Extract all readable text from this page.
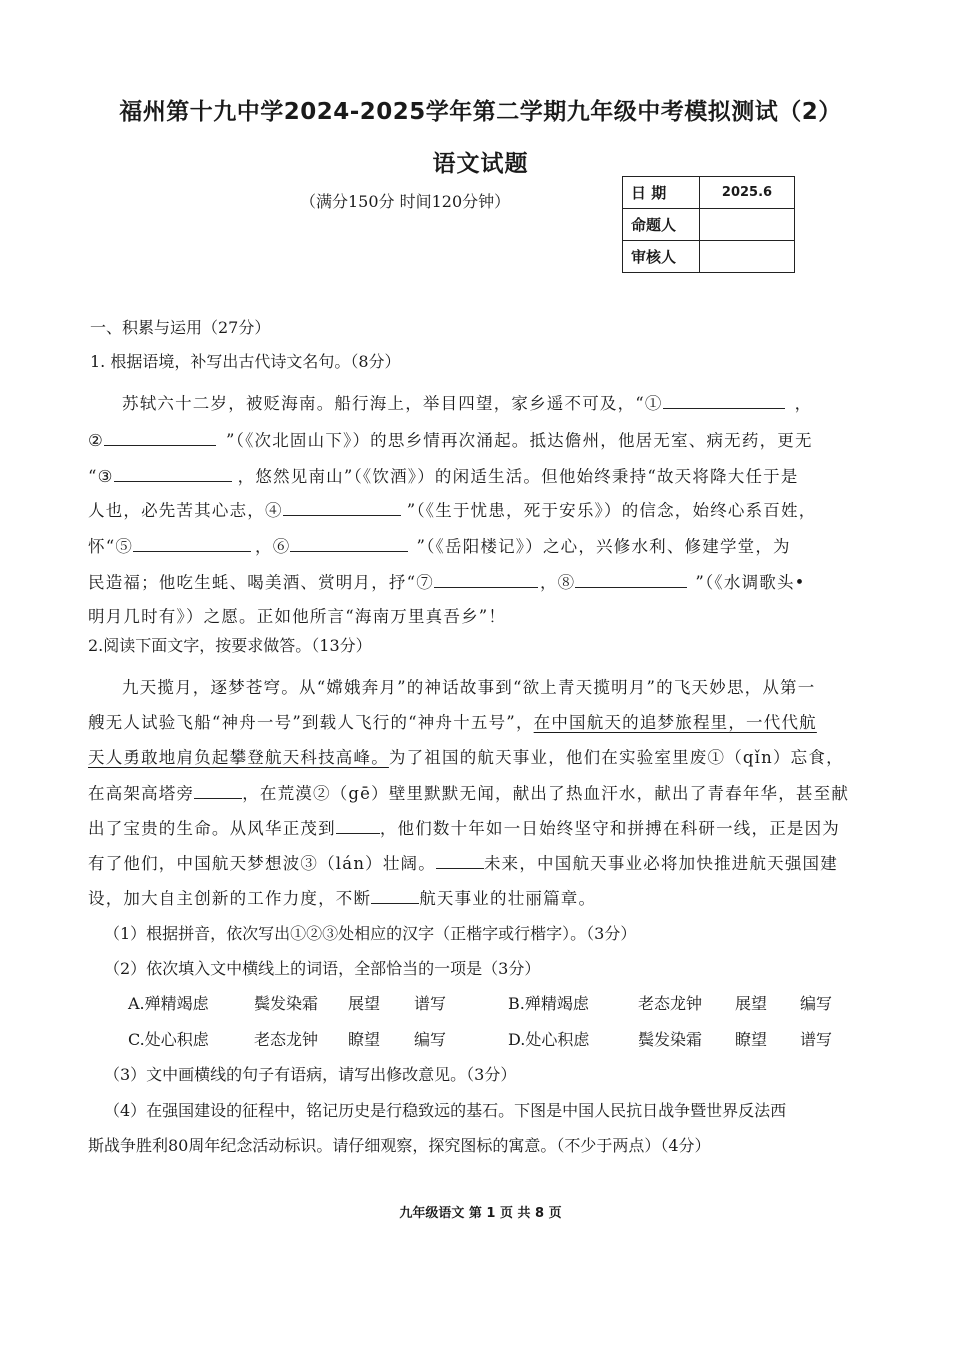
福州第十九中学2024-2025学年第二学期九年级中考模拟测试（2）
语文试题
（满分150分 时间120分钟）	日 期	2025.6
命题人	
审核人	
一、积累与运用（27分）
1. 根据语境，补写出古代诗文名句。（8分）
苏轼六十二岁，被贬海南。船行海上，举目四望，家乡遥不可及，“①	，
②	”（《次北固山下》）的思乡情再次涌起。抵达儋州，他居无室、病无药，更无
“③	，悠然见南山”（《饮酒》）的闲适生活。但他始终秉持“故天将降大任于是
人也，必先苦其心志，④	”（《生于忧患，死于安乐》）的信念，始终心系百姓，
怀“⑤	，⑥	”（《岳阳楼记》）之心，兴修水利、修建学堂，为
民造福；他吃生蚝、喝美酒、赏明月，抒“⑦	，⑧	”（《水调歌头•
明月几时有》）之愿。正如他所言“海南万里真吾乡”！
2.阅读下面文字，按要求做答。（13分）
九天揽月，逐梦苍穹。从“嫦娥奔月”的神话故事到“欲上青天揽明月”的飞天妙思，从第一
艘无人试验飞船“神舟一号”到载人飞行的“神舟十五号”，在中国航天的追梦旅程里，一代代航
天人勇敢地肩负起攀登航天科技高峰。为了祖国的航天事业，他们在实验室里废①（qǐn）忘食，
在高架高塔旁	，在荒漠②（gē）壁里默默无闻，献出了热血汗水，献出了青春年华，甚至献
出了宝贵的生命。从风华正茂到	，他们数十年如一日始终坚守和拼搏在科研一线，正是因为
有了他们，中国航天梦想波③（lán）壮阔。	未来，中国航天事业必将加快推进航天强国建
设，加大自主创新的工作力度，不断	航天事业的壮丽篇章。
（1）根据拼音，依次写出①②③处相应的汉字（正楷字或行楷字）。（3分）
（2）依次填入文中横线上的词语，全部恰当的一项是（3分）
A.殚精竭虑	鬓发染霜 展望 谱写	B.殚精竭虑	老态龙钟 展望 编写
C.处心积虑	老态龙钟 瞭望 编写	D.处心积虑	鬓发染霜 瞭望 谱写
（3）文中画横线的句子有语病，请写出修改意见。（3分）
（4）在强国建设的征程中，铭记历史是行稳致远的基石。下图是中国人民抗日战争暨世界反法西
斯战争胜利80周年纪念活动标识。请仔细观察，探究图标的寓意。（不少于两点）（4分）
九年级语文 第 1 页 共 8 页
